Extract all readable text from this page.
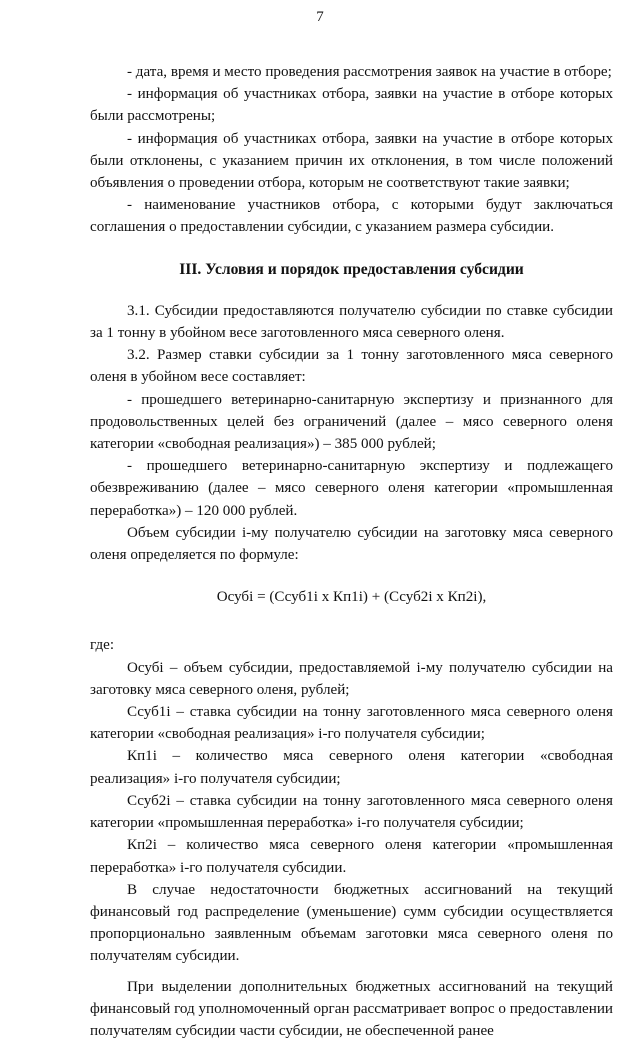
7

- дата, время и место проведения рассмотрения заявок на участие в отборе;

- информация об участниках отбора, заявки на участие в отборе которых были рассмотрены;

- информация об участниках отбора, заявки на участие в отборе которых были отклонены, с указанием причин их отклонения, в том числе положений объявления о проведении отбора, которым не соответствуют такие заявки;

- наименование участников отбора, с которыми будут заключаться соглашения о предоставлении субсидии, с указанием размера субсидии.

III. Условия и порядок предоставления субсидии

3.1. Субсидии предоставляются получателю субсидии по ставке субсидии за 1 тонну в убойном весе заготовленного мяса северного оленя.

3.2. Размер ставки субсидии за 1 тонну заготовленного мяса северного оленя в убойном весе составляет:

- прошедшего ветеринарно-санитарную экспертизу и признанного для продовольственных целей без ограничений (далее – мясо северного оленя категории «свободная реализация») – 385 000 рублей;

- прошедшего ветеринарно-санитарную экспертизу и подлежащего обезвреживанию (далее – мясо северного оленя категории «промышленная переработка») – 120 000 рублей.

Объем субсидии i-му получателю субсидии на заготовку мяса северного оленя определяется по формуле:

Осубi = (Ссуб1i x Кп1i) + (Ссуб2i x Кп2i),

где:

Осубi – объем субсидии, предоставляемой i-му получателю субсидии на заготовку мяса северного оленя, рублей;

Ссуб1i – ставка субсидии на тонну заготовленного мяса северного оленя категории «свободная реализация» i-го получателя субсидии;

Кп1i – количество мяса северного оленя категории «свободная реализация» i-го получателя субсидии;

Ссуб2i – ставка субсидии на тонну заготовленного мяса северного оленя категории «промышленная переработка» i-го получателя субсидии;

Кп2i – количество мяса северного оленя категории «промышленная переработка» i-го получателя субсидии.

В случае недостаточности бюджетных ассигнований на текущий финансовый год распределение (уменьшение) сумм субсидии осуществляется пропорционально заявленным объемам заготовки мяса северного оленя по получателям субсидии.

При выделении дополнительных бюджетных ассигнований на текущий финансовый год уполномоченный орган рассматривает вопрос о предоставлении получателям субсидии части субсидии, не обеспеченной ранее
